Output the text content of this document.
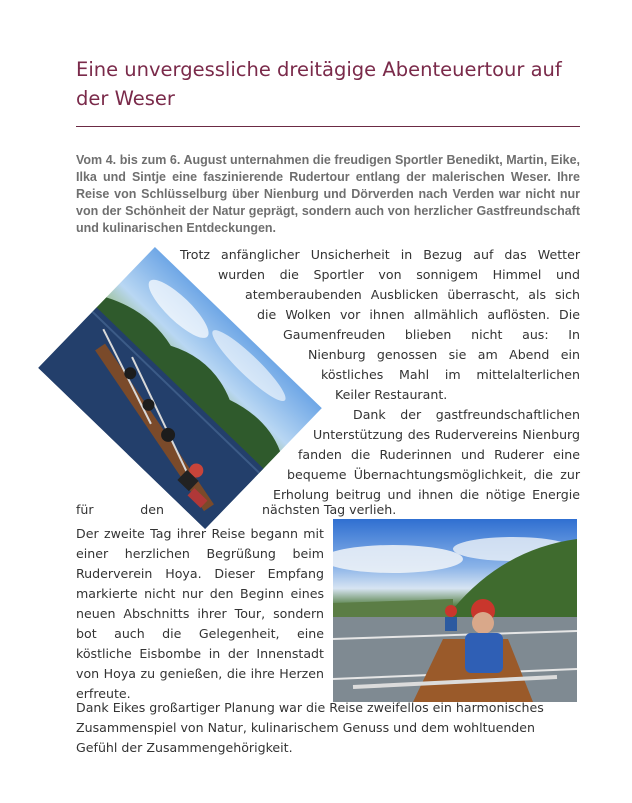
Eine unvergessliche dreitägige Abenteuertour auf der Weser

Vom 4. bis zum 6. August unternahmen die freudigen Sportler Benedikt, Martin, Eike, Ilka und Sintje eine faszinierende Rudertour entlang der malerischen Weser. Ihre Reise von Schlüsselburg über Nienburg und Dörverden nach Verden war nicht nur von der Schönheit der Natur geprägt, sondern auch von herzlicher Gastfreundschaft und kulinarischen Entdeckungen.

Trotz anfänglicher Unsicherheit in Bezug auf das Wetter
wurden die Sportler von sonnigem Himmel und
atemberaubenden Ausblicken überrascht, als sich
die Wolken vor ihnen allmählich auflösten. Die
Gaumenfreuden blieben nicht aus: In
Nienburg genossen sie am Abend ein
köstliches Mahl im mittelalterlichen
Keiler Restaurant.
Dank der gastfreundschaftlichen
Unterstützung des Rudervereins Nienburg
fanden die Ruderinnen und Ruderer eine
bequeme Übernachtungsmöglichkeit, die zur
Erholung beitrug und ihnen die nötige Energie
für den	nächsten Tag verlieh.

Der zweite Tag ihrer Reise begann mit einer herzlichen Begrüßung beim Ruderverein Hoya. Dieser Empfang markierte nicht nur den Beginn eines neuen Abschnitts ihrer Tour, sondern bot auch die Gelegenheit, eine köstliche Eisbombe in der Innenstadt von Hoya zu genießen, die ihre Herzen erfreute.

Dank Eikes großartiger Planung war die Reise zweifellos ein harmonisches Zusammenspiel von Natur, kulinarischem Genuss und dem wohltuenden Gefühl der Zusammengehörigkeit.
